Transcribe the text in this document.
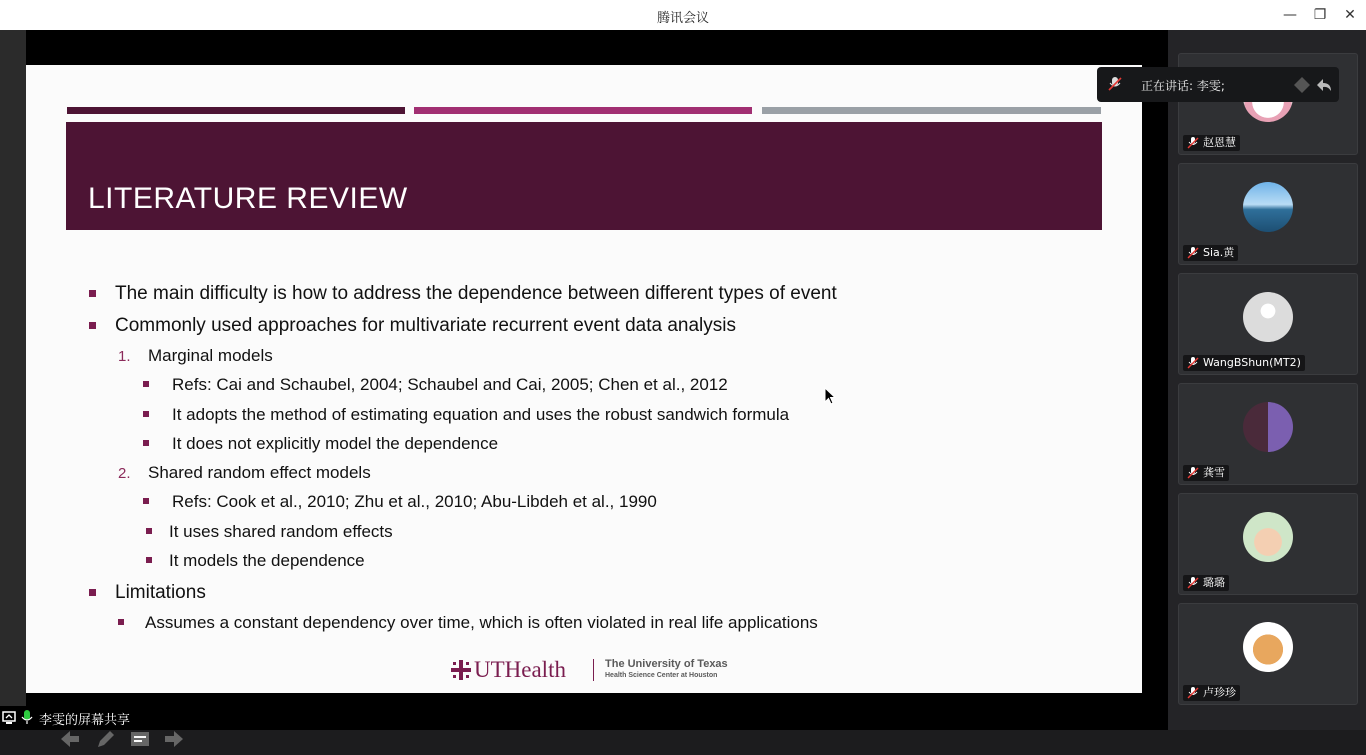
腾讯会议	— ❐ ✕
LITERATURE REVIEW
The main difficulty is how to address the dependence between different types of event
Commonly used approaches for multivariate recurrent event data analysis
1. Marginal models
Refs: Cai and Schaubel, 2004; Schaubel and Cai, 2005; Chen et al., 2012
It adopts the method of estimating equation and uses the robust sandwich formula
It does not explicitly model the dependence
2. Shared random effect models
Refs: Cook et al., 2010; Zhu et al., 2010; Abu-Libdeh et al., 1990
It uses shared random effects
It models the dependence
Limitations
Assumes a constant dependency over time, which is often violated in real life applications
UTHealth	The University of Texas
Health Science Center at Houston
李雯的屏幕共享
赵恩慧
Sia.黄
WangBShun(MT2)
龚雪
璐璐
卢珍珍
正在讲话: 李雯;
